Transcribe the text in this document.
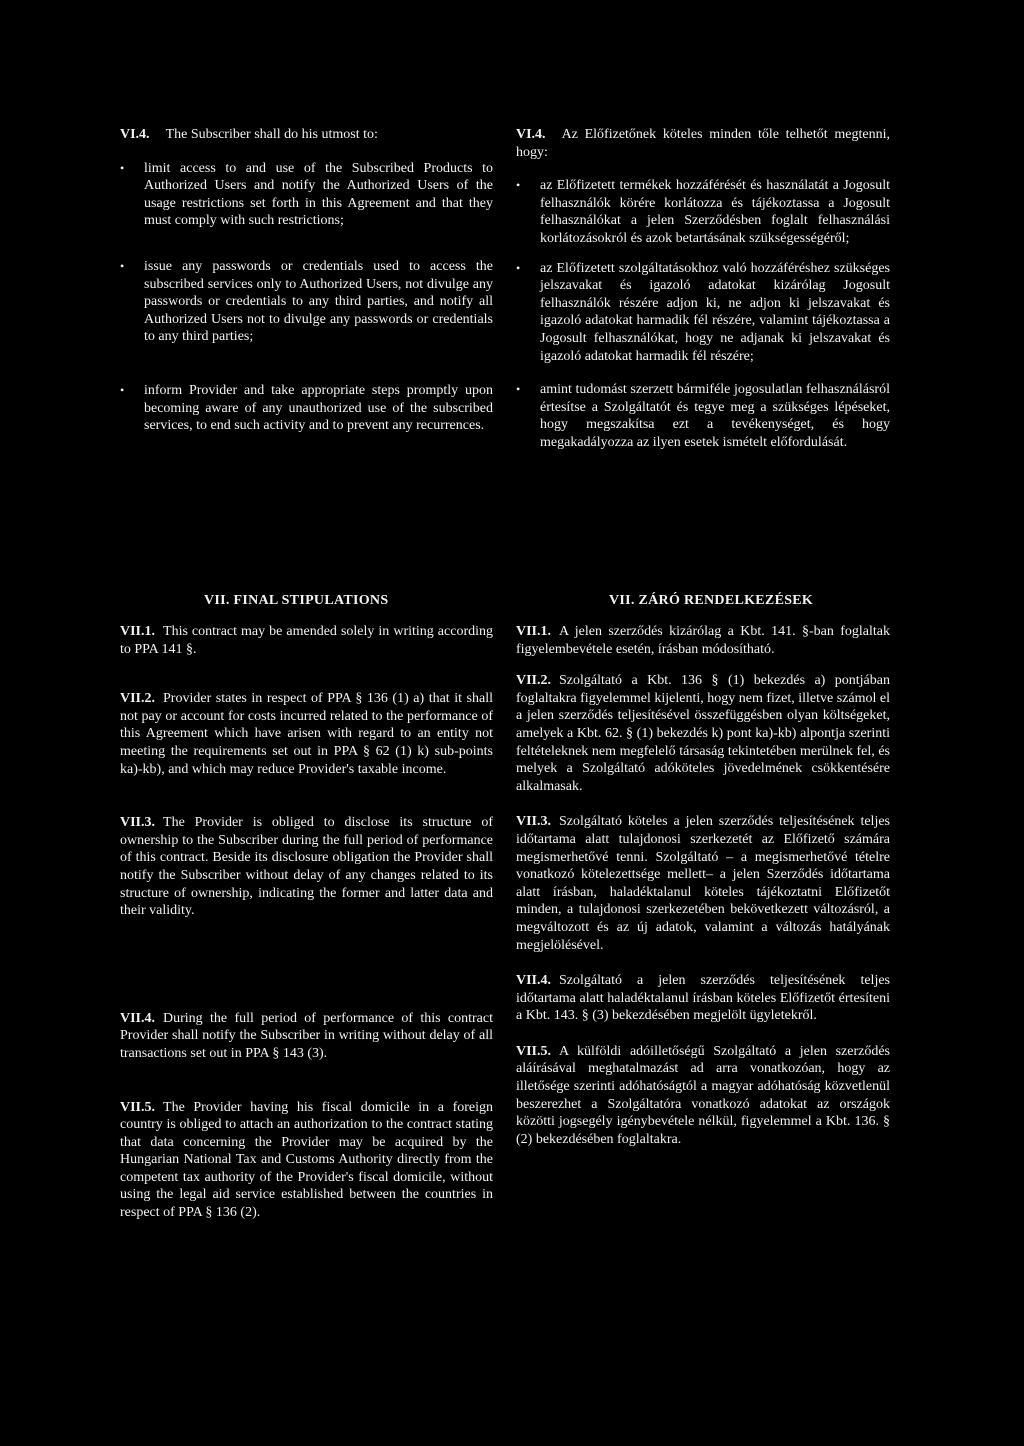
VI.4. The Subscriber shall do his utmost to:

• limit access to and use of the Subscribed Products to Authorized Users and notify the Authorized Users of the usage restrictions set forth in this Agreement and that they must comply with such restrictions;
• issue any passwords or credentials used to access the subscribed services only to Authorized Users, not divulge any passwords or credentials to any third parties, and notify all Authorized Users not to divulge any passwords or credentials to any third parties;
• inform Provider and take appropriate steps promptly upon becoming aware of any unauthorized use of the subscribed services, to end such activity and to prevent any recurrences.

VI.4. Az Előfizetőnek köteles minden tőle telhetőt megtenni, hogy:

• az Előfizetett termékek hozzáférését és használatát a Jogosult felhasználók körére korlátozza és tájékoztassa a Jogosult felhasználókat a jelen Szerződésben foglalt felhasználási korlátozásokról és azok betartásának szükségességéről;
• az Előfizetett szolgáltatásokhoz való hozzáféréshez szükséges jelszavakat és igazoló adatokat kizárólag Jogosult felhasználók részére adjon ki, ne adjon ki jelszavakat és igazoló adatokat harmadik fél részére, valamint tájékoztassa a Jogosult felhasználókat, hogy ne adjanak ki jelszavakat és igazoló adatokat harmadik fél részére;
• amint tudomást szerzett bármiféle jogosulatlan felhasználásról értesítse a Szolgáltatót és tegye meg a szükséges lépéseket, hogy megszakítsa ezt a tevékenységet, és hogy megakadályozza az ilyen esetek ismételt előfordulását.
VII. FINAL STIPULATIONS	VII. ZÁRÓ RENDELKEZÉSEK

VII.1. This contract may be amended solely in writing according to PPA 141 §.

VII.2. Provider states in respect of PPA § 136 (1) a) that it shall not pay or account for costs incurred related to the performance of this Agreement which have arisen with regard to an entity not meeting the requirements set out in PPA § 62 (1) k) sub-points ka)-kb), and which may reduce Provider's taxable income.

VII.3. The Provider is obliged to disclose its structure of ownership to the Subscriber during the full period of performance of this contract. Beside its disclosure obligation the Provider shall notify the Subscriber without delay of any changes related to its structure of ownership, indicating the former and latter data and their validity.

VII.4. During the full period of performance of this contract Provider shall notify the Subscriber in writing without delay of all transactions set out in PPA § 143 (3).

VII.5. The Provider having his fiscal domicile in a foreign country is obliged to attach an authorization to the contract stating that data concerning the Provider may be acquired by the Hungarian National Tax and Customs Authority directly from the competent tax authority of the Provider's fiscal domicile, without using the legal aid service established between the countries in respect of PPA § 136 (2).

VII.1. A jelen szerződés kizárólag a Kbt. 141. §-ban foglaltak figyelembevétele esetén, írásban módosítható.

VII.2. Szolgáltató a Kbt. 136 § (1) bekezdés a) pontjában foglaltakra figyelemmel kijelenti, hogy nem fizet, illetve számol el a jelen szerződés teljesítésével összefüggésben olyan költségeket, amelyek a Kbt. 62. § (1) bekezdés k) pont ka)-kb) alpontja szerinti feltételeknek nem megfelelő társaság tekintetében merülnek fel, és melyek a Szolgáltató adóköteles jövedelmének csökkentésére alkalmasak.

VII.3. Szolgáltató köteles a jelen szerződés teljesítésének teljes időtartama alatt tulajdonosi szerkezetét az Előfizető számára megismerhetővé tenni. Szolgáltató – a megismerhetővé tételre vonatkozó kötelezettsége mellett– a jelen Szerződés időtartama alatt írásban, haladéktalanul köteles tájékoztatni Előfizetőt minden, a tulajdonosi szerkezetében bekövetkezett változásról, a megváltozott és az új adatok, valamint a változás hatályának megjelölésével.

VII.4. Szolgáltató a jelen szerződés teljesítésének teljes időtartama alatt haladéktalanul írásban köteles Előfizetőt értesíteni a Kbt. 143. § (3) bekezdésében megjelölt ügyletekről.

VII.5. A külföldi adóilletőségű Szolgáltató a jelen szerződés aláírásával meghatalmazást ad arra vonatkozóan, hogy az illetősége szerinti adóhatóságtól a magyar adóhatóság közvetlenül beszerezhet a Szolgáltatóra vonatkozó adatokat az országok közötti jogsegély igénybevétele nélkül, figyelemmel a Kbt. 136. § (2) bekezdésében foglaltakra.
